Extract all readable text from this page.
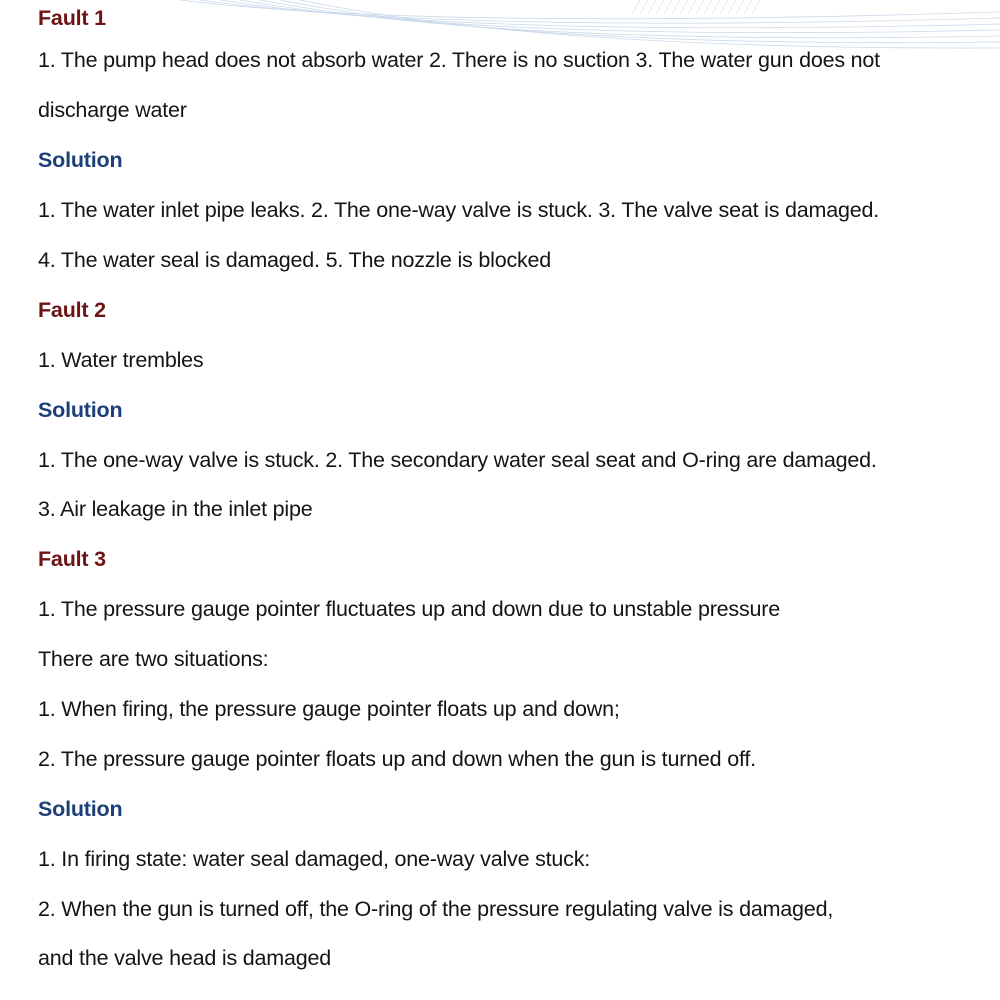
Fault 1
1. The pump head does not absorb water 2. There is no suction 3. The water gun does not
discharge water
Solution
1. The water inlet pipe leaks. 2. The one-way valve is stuck. 3. The valve seat is damaged.
4. The water seal is damaged. 5. The nozzle is blocked
Fault 2
1. Water trembles
Solution
1. The one-way valve is stuck. 2. The secondary water seal seat and O-ring are damaged.
3. Air leakage in the inlet pipe
Fault 3
1. The pressure gauge pointer fluctuates up and down due to unstable pressure
There are two situations:
1. When firing, the pressure gauge pointer floats up and down;
2. The pressure gauge pointer floats up and down when the gun is turned off.
Solution
1. In firing state: water seal damaged, one-way valve stuck:
2. When the gun is turned off, the O-ring of the pressure regulating valve is damaged,
and the valve head is damaged
